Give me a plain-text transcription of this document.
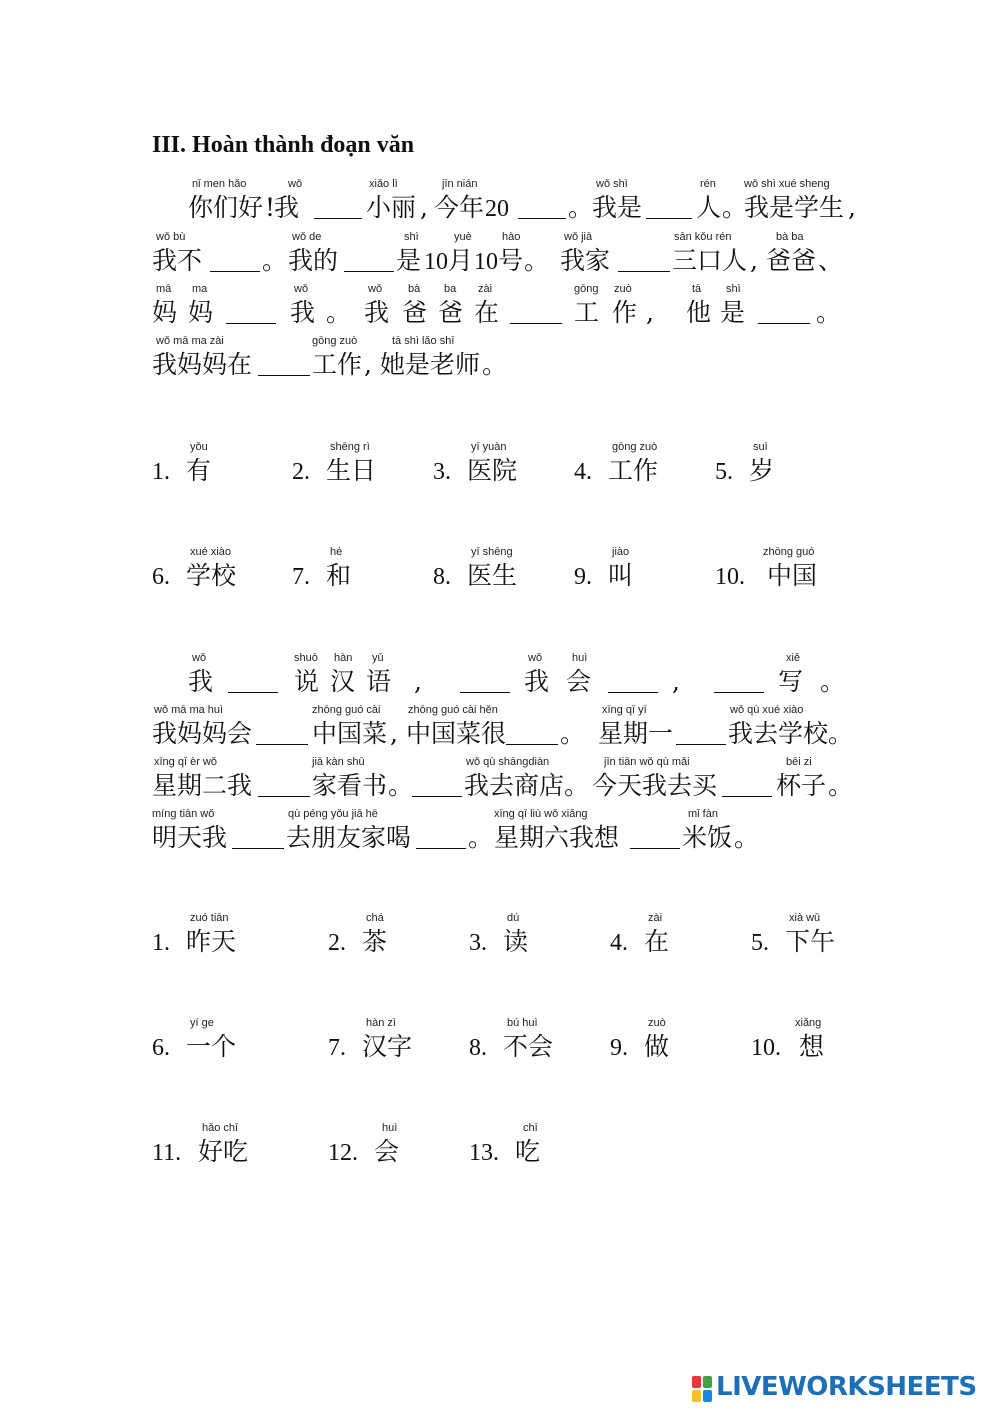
III. Hoàn thành đoạn văn
nǐ men hǎo
你们好 !
wǒ
我
xiǎo lì
小丽 ,
jīn nián
今年 20 。
wǒ shì
我是
rén
人 。
wǒ shì xué sheng
我是学生 ,
wǒ bù
我不 。
wǒ de
我的
shì
是 10
yuè
月 10
hào
号 。
wǒ jiā
我家
sān kǒu rén
三口人 ,
bà ba
爸爸 、
mā
妈
ma
妈
wǒ
我 。
wǒ
我
bà
爸
ba
爸
zài
在
gōng
工
zuò
作 ,
tā
他
shì
是	。
wǒ mā ma zài
我妈妈在
gōng zuò
工作 ,
tā shì lǎo shī
她是老师 。
1.
yǒu
有	2.
shēng rì
生日 3.
yī yuàn
医院 4.
gōng zuò
工作 5.
suì
岁
6.
xué xiào
学校 7.
hé
和	8.
yī shēng
医生 9.
jiào
叫	10.
zhōng guó
中国
wǒ
我
shuō
说
hàn
汉
yǔ
语 ,
wǒ
我
huì
会	,
xiě
写 。
wǒ mā ma huì
我妈妈会
zhōng guó cài
中国菜 ,
zhōng guó cài hěn
中国菜很 。
xīng qī yī
星期一
wǒ qù xué xiào
我去学校 。
xīng qī èr wǒ
星期二我
jiā kàn shū
家看书 。
wǒ qù shāngdiàn
我去商店 。
jīn tiān wǒ qù mǎi
今天我去买
bēi zi
杯子 。
míng tiān wǒ
明天我
qù péng yǒu jiā hē
去朋友家喝 。
xīng qī liù wǒ xiǎng
星期六我想
mǐ fàn
米饭 。
1.
zuó tiān
昨天	2.
chá
茶	3.
dú
读	4.
zài
在	5.
xià wǔ
下午
6.
yí ge
一个	7.
hàn zì
汉字 8.
bú huì
不会 9.
zuò
做	10.
xiǎng
想
11.
hǎo chī
好吃	12.
huì
会	13.
chī
吃
LIVEWORKSHEETS
